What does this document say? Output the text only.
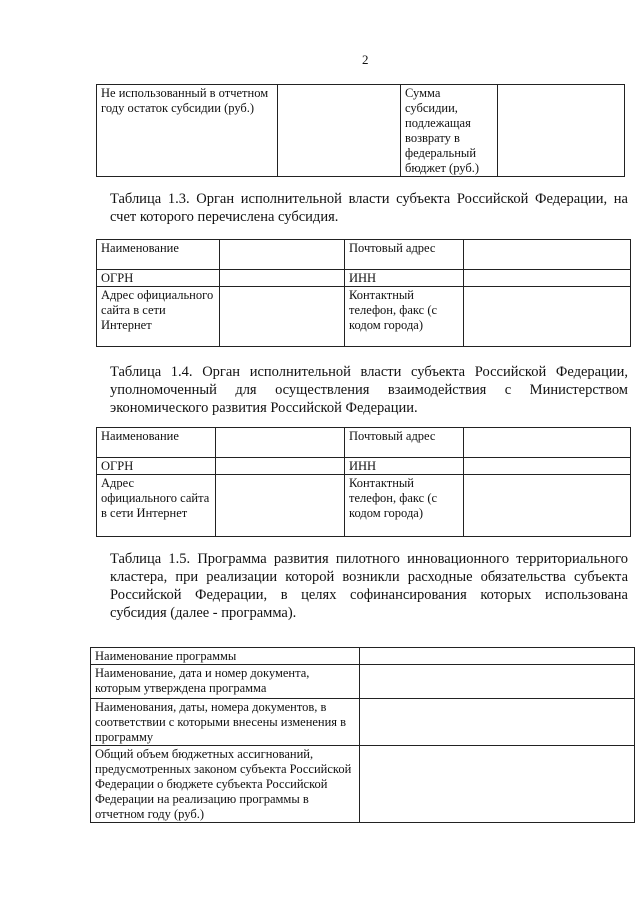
2
Не использованный в отчетном году остаток субсидии (руб.)		Сумма субсидии, подлежащая возврату в федеральный бюджет (руб.)	
Таблица 1.3. Орган исполнительной власти субъекта Российской Федерации, на счет которого перечислена субсидия.
Наименование		Почтовый адрес	
ОГРН		ИНН	
Адрес официального сайта в сети Интернет		Контактный телефон, факс (с кодом города)	
Таблица 1.4. Орган исполнительной власти субъекта Российской Федерации, уполномоченный для осуществления взаимодействия с Министерством экономического развития Российской Федерации.
Наименование		Почтовый адрес	
ОГРН		ИНН	
Адрес официального сайта в сети Интернет		Контактный телефон, факс (с кодом города)	
Таблица 1.5. Программа развития пилотного инновационного территориального кластера, при реализации которой возникли расходные обязательства субъекта Российской Федерации, в целях софинансирования которых использована субсидия (далее - программа).
Наименование программы	
Наименование, дата и номер документа, которым утверждена программа	
Наименования, даты, номера документов, в соответствии с которыми внесены изменения в программу	
Общий объем бюджетных ассигнований, предусмотренных законом субъекта Российской Федерации о бюджете субъекта Российской Федерации на реализацию программы в отчетном году (руб.)	
